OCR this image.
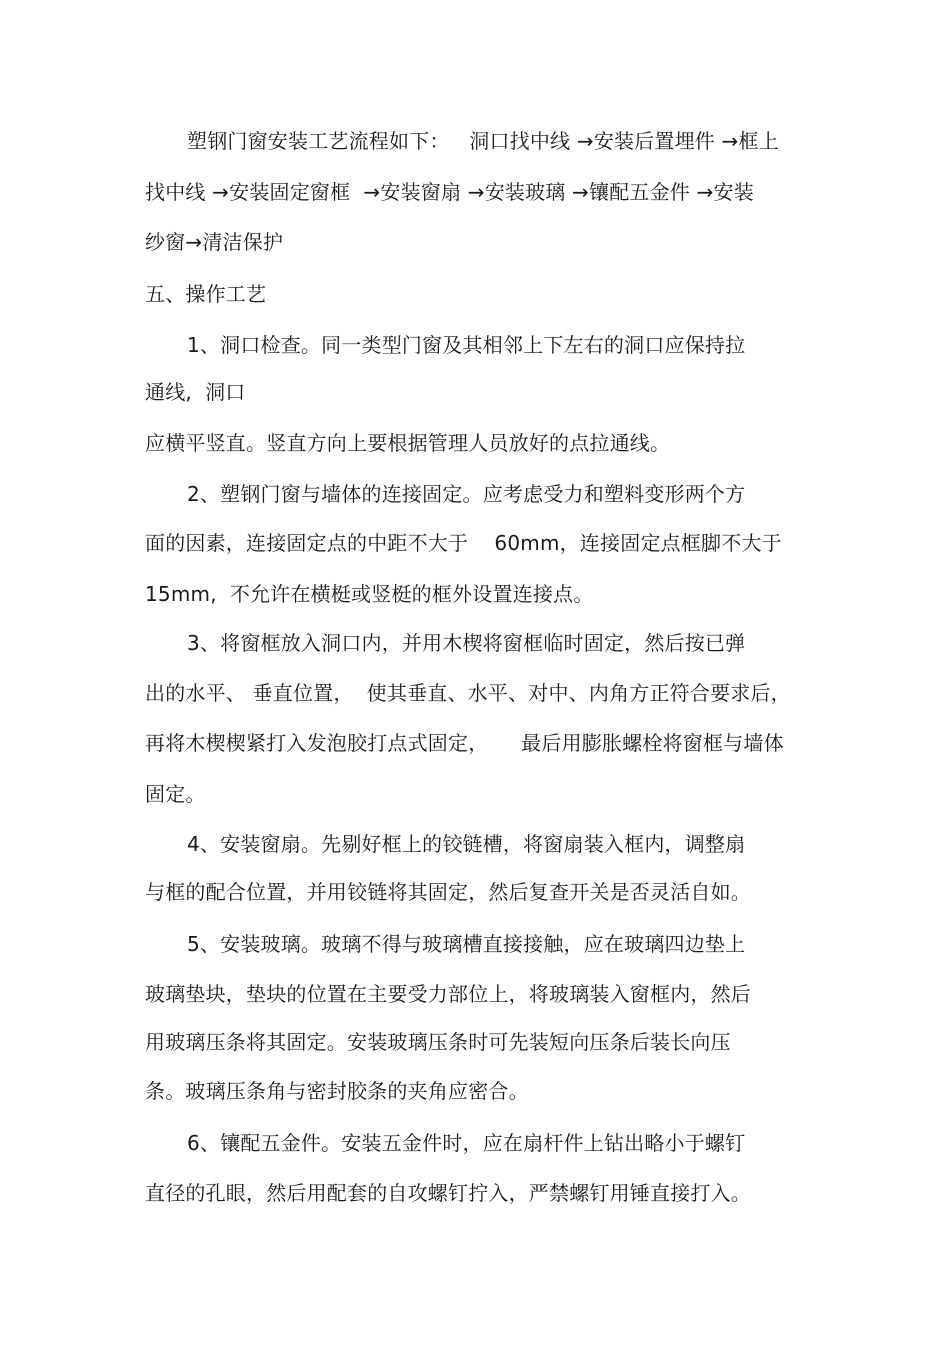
塑钢门窗安装工艺流程如下：   洞口找中线 →安装后置埋件 →框上
找中线 →安装固定窗框  →安装窗扇 →安装玻璃 →镶配五金件 →安装
纱窗→清洁保护
五、操作工艺
1、洞口检查。同一类型门窗及其相邻上下左右的洞口应保持拉
通线,  洞口
应横平竖直。竖直方向上要根据管理人员放好的点拉通线。
2、塑钢门窗与墙体的连接固定。应考虑受力和塑料变形两个方
面的因素，连接固定点的中距不大于    60mm，连接固定点框脚不大于
15mm,  不允许在横梃或竖梃的框外设置连接点。
3、将窗框放入洞口内，并用木楔将窗框临时固定，然后按已弹
出的水平、 垂直位置，  使其垂直、水平、对中、内角方正符合要求后，
再将木楔楔紧打入发泡胶打点式固定，     最后用膨胀螺栓将窗框与墙体
固定。
4、安装窗扇。先剔好框上的铰链槽，将窗扇装入框内，调整扇
与框的配合位置，并用铰链将其固定，然后复查开关是否灵活自如。
5、安装玻璃。玻璃不得与玻璃槽直接接触，应在玻璃四边垫上
玻璃垫块，垫块的位置在主要受力部位上，将玻璃装入窗框内，然后
用玻璃压条将其固定。安装玻璃压条时可先装短向压条后装长向压
条。玻璃压条角与密封胶条的夹角应密合。
6、镶配五金件。安装五金件时，应在扇杆件上钻出略小于螺钉
直径的孔眼，然后用配套的自攻螺钉拧入，严禁螺钉用锤直接打入。
